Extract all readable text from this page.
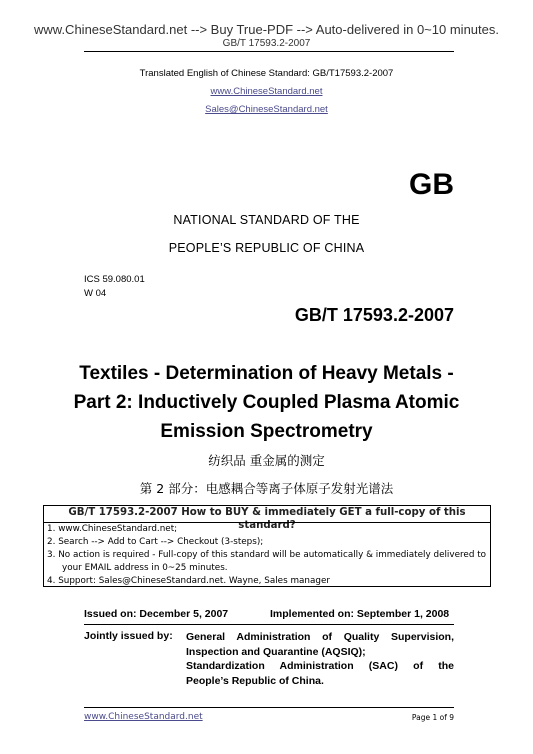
www.ChineseStandard.net --> Buy True-PDF --> Auto-delivered in 0~10 minutes.
GB/T 17593.2-2007
Translated English of Chinese Standard: GB/T17593.2-2007
www.ChineseStandard.net
Sales@ChineseStandard.net
GB
NATIONAL STANDARD OF THE
PEOPLE’S REPUBLIC OF CHINA
ICS 59.080.01
W 04
GB/T 17593.2-2007
Textiles - Determination of Heavy Metals -
Part 2: Inductively Coupled Plasma Atomic
Emission Spectrometry
纺织品 重金属的测定
第 2 部分：电感耦合等离子体原子发射光谱法
GB/T 17593.2-2007 How to BUY & immediately GET a full-copy of this standard?
1. www.ChineseStandard.net;
2. Search --> Add to Cart --> Checkout (3-steps);
3. No action is required - Full-copy of this standard will be automatically & immediately delivered to
your EMAIL address in 0~25 minutes.
4. Support: Sales@ChineseStandard.net. Wayne, Sales manager
Issued on: December 5, 2007	Implemented on: September 1, 2008
Jointly issued by: General Administration of Quality Supervision,
Inspection and Quarantine (AQSIQ);
Standardization Administration (SAC) of the
People’s Republic of China.
www.ChineseStandard.net	Page 1 of 9
